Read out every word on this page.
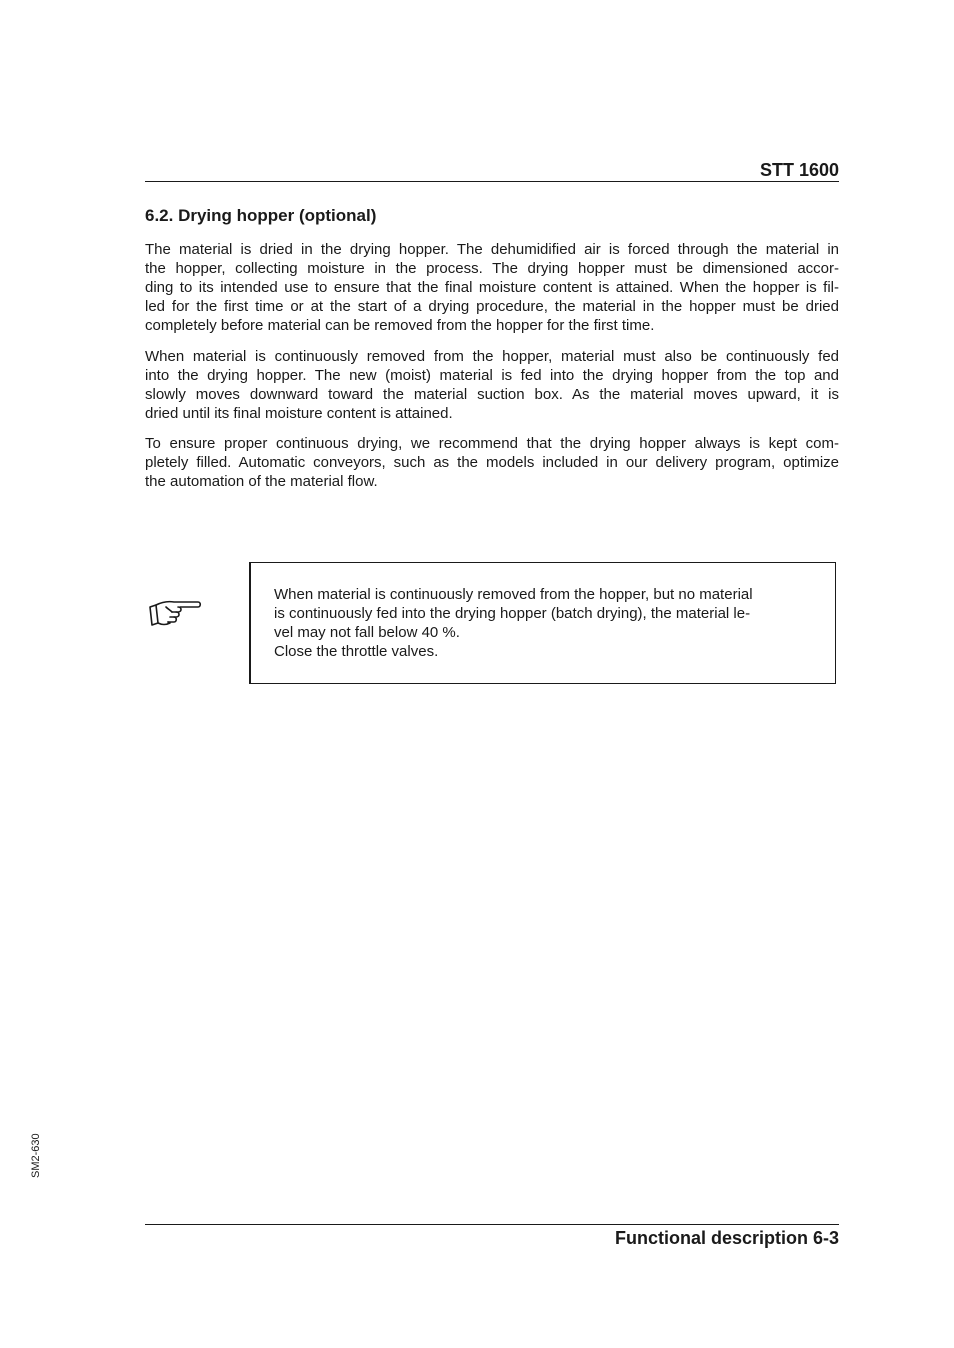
STT 1600
6.2. Drying hopper (optional)
The material is dried in the drying hopper. The dehumidified air is forced through the material in
the hopper, collecting moisture in the process. The drying hopper must be dimensioned accor-
ding to its intended use to ensure that the final moisture content is attained. When the hopper is fil-
led for the first time or at the start of a drying procedure, the material in the hopper must be dried
completely before material can be removed from the hopper for the first time.
When material is continuously removed from the hopper, material must also be continuously fed
into the drying hopper. The new (moist) material is fed into the drying hopper from the top and
slowly moves downward toward the material suction box. As the material moves upward, it is
dried until its final moisture content is attained.
To ensure proper continuous drying, we recommend that the drying hopper always is kept com-
pletely filled. Automatic conveyors, such as the models included in our delivery program, optimize
the automation of the material flow.
When material is continuously removed from the hopper, but no material
is continuously fed into the drying hopper (batch drying), the material le-
vel may not fall below 40 %.
Close the throttle valves.
SM2-630
Functional description 6-3
